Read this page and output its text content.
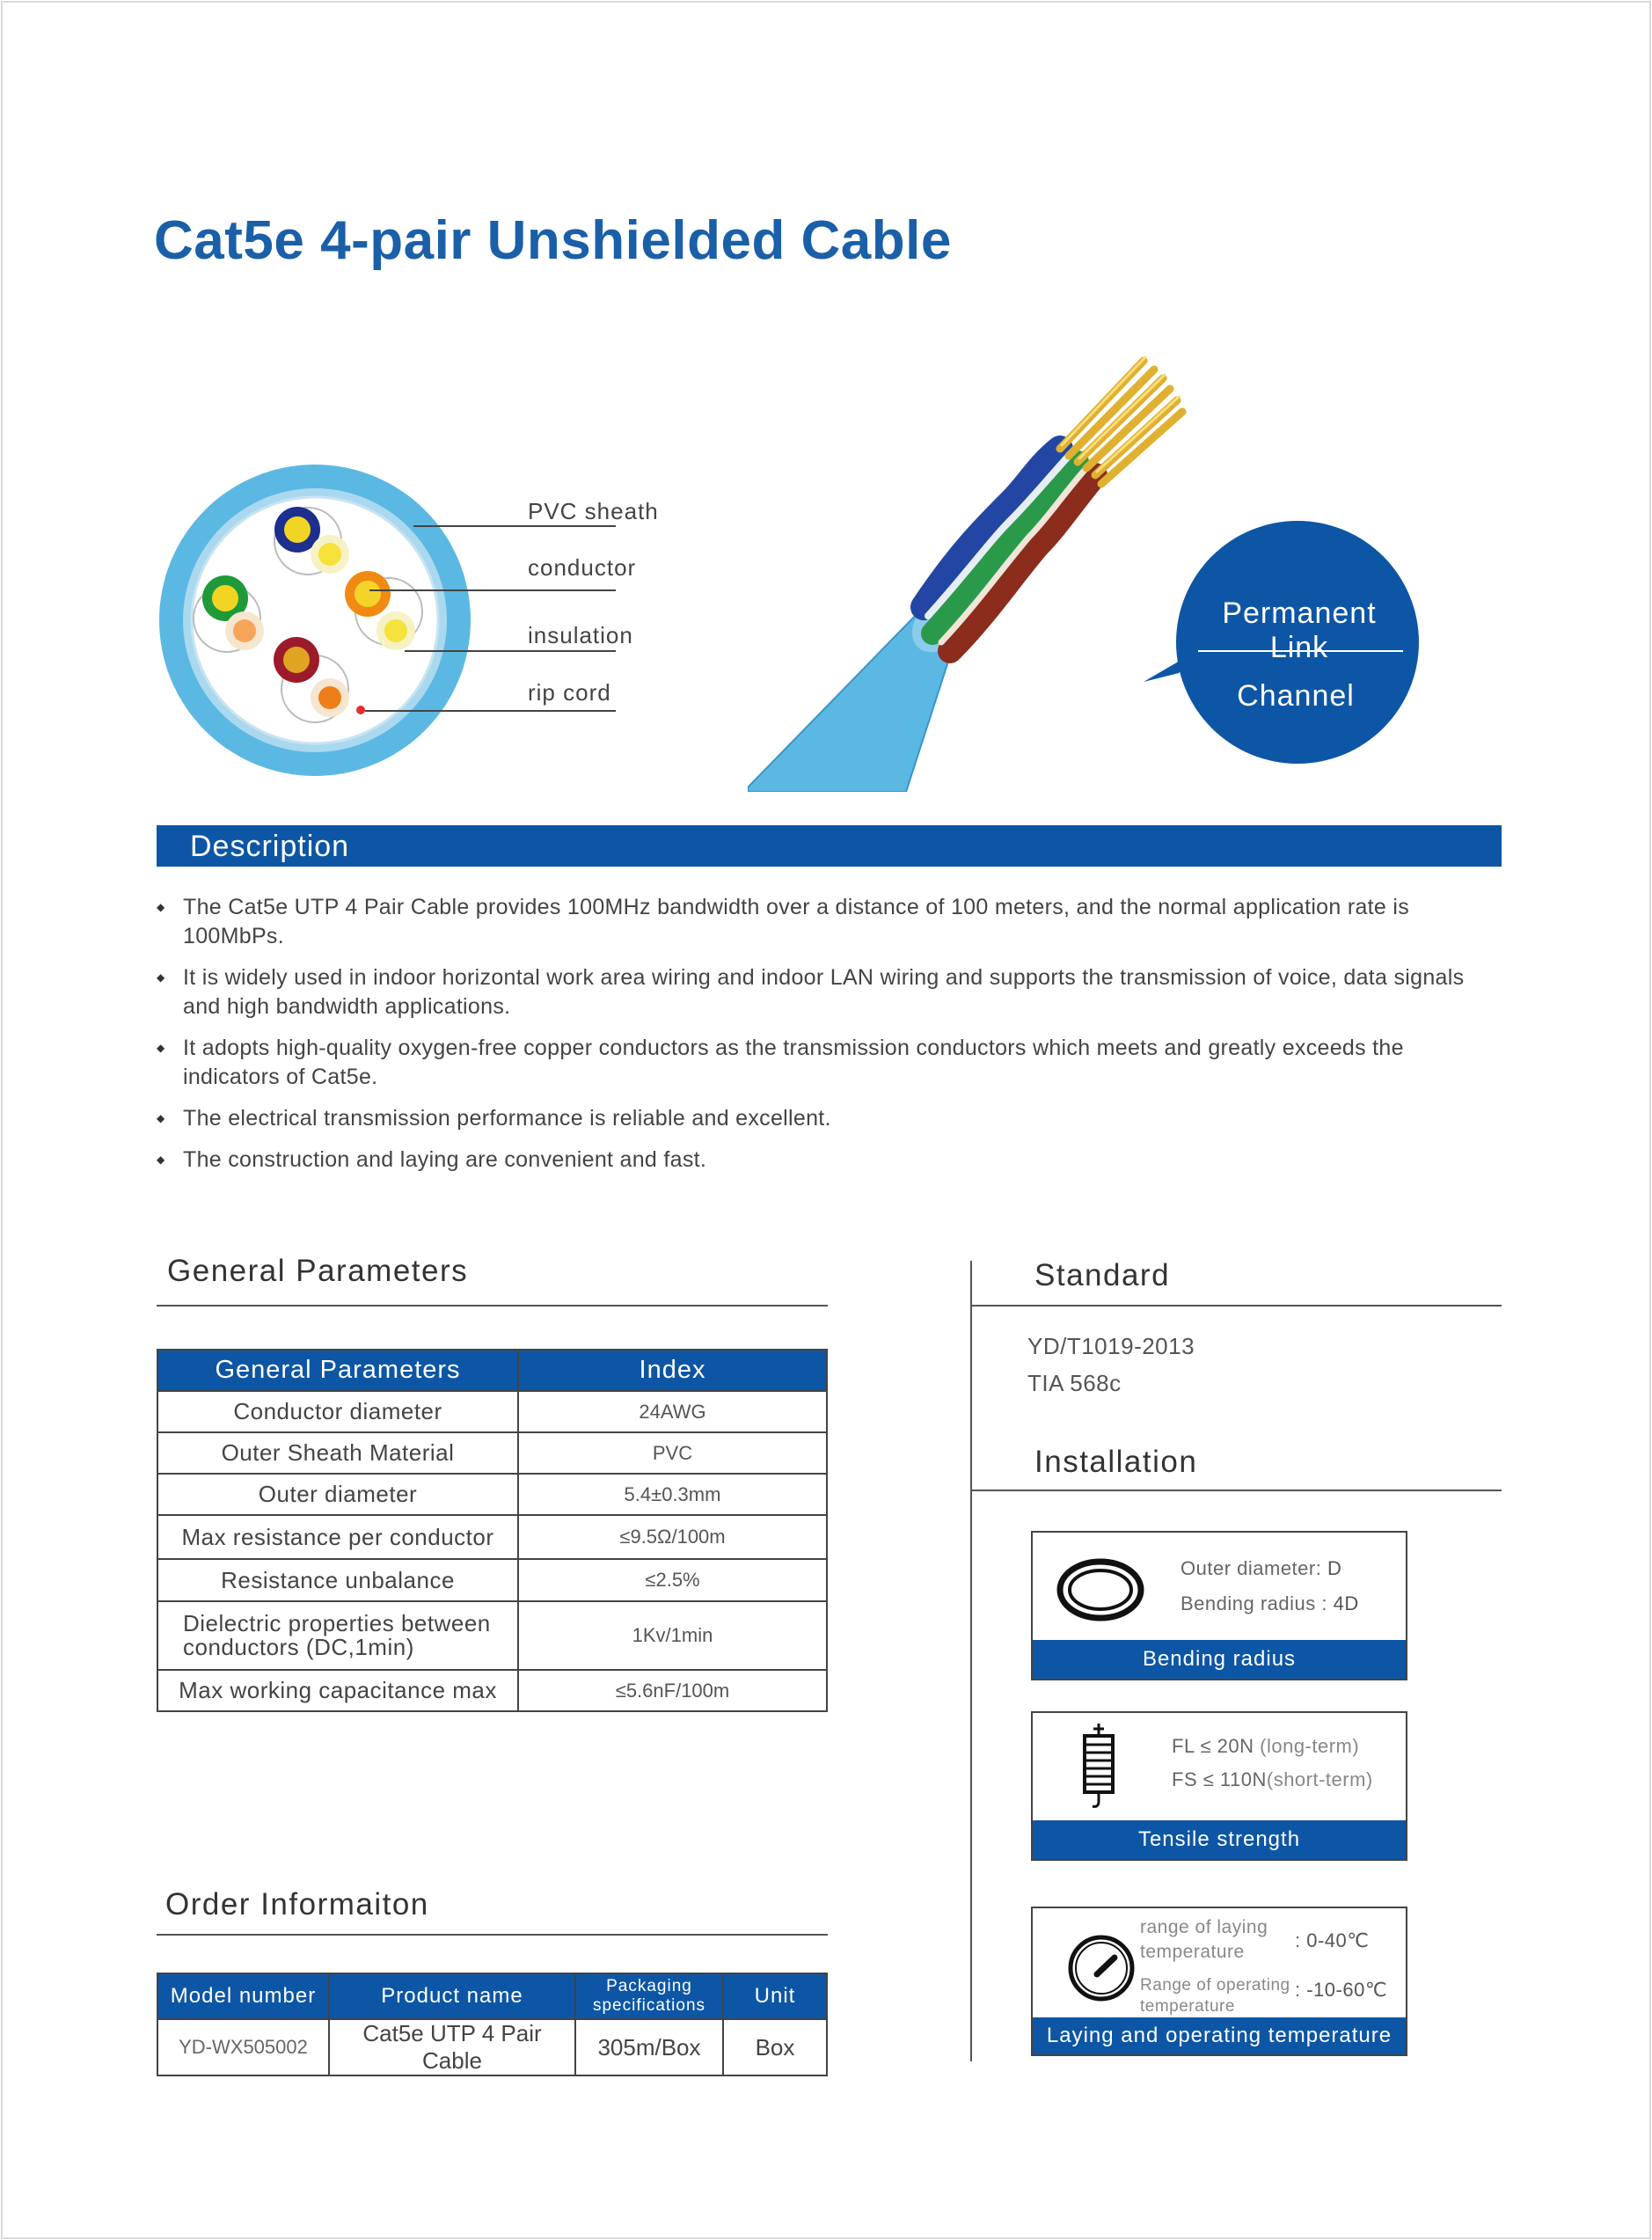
Cat5e 4-pair Unshielded Cable
PVC sheath
conductor
insulation
rip cord
Permanent Link
Channel
Description
◆ The Cat5e UTP 4 Pair Cable provides 100MHz bandwidth over a distance of 100 meters, and the normal application rate is 100MbPs.
◆ It is widely used in indoor horizontal work area wiring and indoor LAN wiring and supports the transmission of voice, data signals and high bandwidth applications.
◆ It adopts high-quality oxygen-free copper conductors as the transmission conductors which meets and greatly exceeds the indicators of Cat5e.
◆ The electrical transmission performance is reliable and excellent.
◆ The construction and laying are convenient and fast.
General Parameters
General Parameters	Index
Conductor diameter	24AWG
Outer Sheath Material	PVC
Outer diameter	5.4±0.3mm
Max resistance per conductor	≤9.5Ω/100m
Resistance unbalance	≤2.5%
Dielectric properties between conductors (DC,1min)	1Kv/1min
Max working capacitance max	≤5.6nF/100m
Order Informaiton
Model number	Product name	Packaging specifications	Unit
YD-WX505002	Cat5e UTP 4 Pair Cable	305m/Box	Box
Standard
YD/T1019-2013
TIA 568c
Installation
Outer diameter: D
Bending radius : 4D
Bending radius
FL ≤ 20N (long-term)
FS ≤ 110N(short-term)
Tensile strength
range of laying temperature
: 0-40℃
Range of operating temperature
: -10-60℃
Laying and operating temperature
